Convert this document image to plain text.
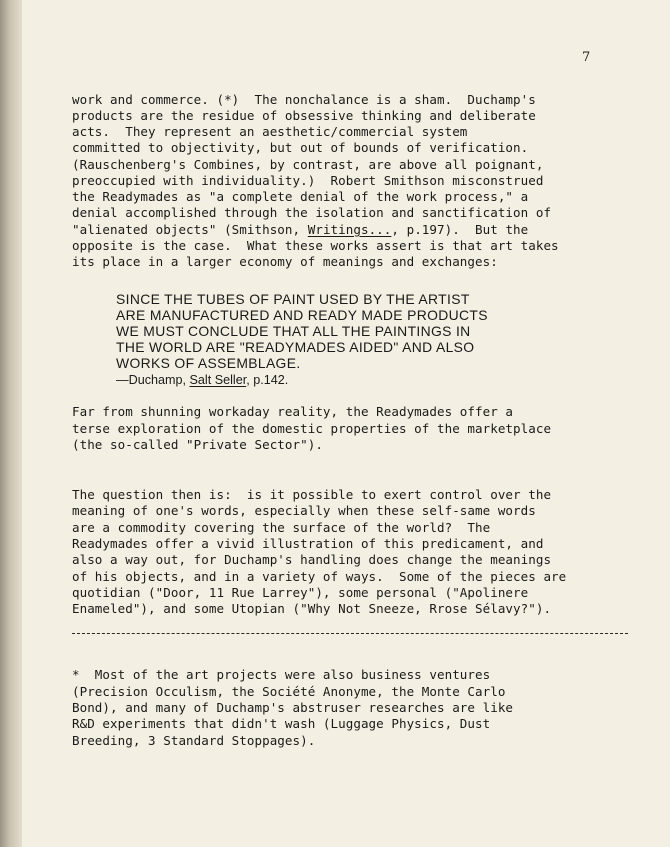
7
work and commerce. (*)  The nonchalance is a sham.  Duchamp's
products are the residue of obsessive thinking and deliberate
acts.  They represent an aesthetic/commercial system
committed to objectivity, but out of bounds of verification.
(Rauschenberg's Combines, by contrast, are above all poignant,
preoccupied with individuality.)  Robert Smithson misconstrued
the Readymades as "a complete denial of the work process," a
denial accomplished through the isolation and sanctification of
"alienated objects" (Smithson, Writings..., p.197).  But the
opposite is the case.  What these works assert is that art takes
its place in a larger economy of meanings and exchanges:
SINCE THE TUBES OF PAINT USED BY THE ARTIST
ARE MANUFACTURED AND READY MADE PRODUCTS
WE MUST CONCLUDE THAT ALL THE PAINTINGS IN
THE WORLD ARE "READYMADES AIDED" AND ALSO
WORKS OF ASSEMBLAGE.
—Duchamp, Salt Seller, p.142.
Far from shunning workaday reality, the Readymades offer a
terse exploration of the domestic properties of the marketplace
(the so-called "Private Sector").
The question then is:  is it possible to exert control over the
meaning of one's words, especially when these self-same words
are a commodity covering the surface of the world?  The
Readymades offer a vivid illustration of this predicament, and
also a way out, for Duchamp's handling does change the meanings
of his objects, and in a variety of ways.  Some of the pieces are
quotidian ("Door, 11 Rue Larrey"), some personal ("Apolinere
Enameled"), and some Utopian ("Why Not Sneeze, Rrose Sélavy?").
*  Most of the art projects were also business ventures
(Precision Occulism, the Société Anonyme, the Monte Carlo
Bond), and many of Duchamp's abstruser researches are like
R&D experiments that didn't wash (Luggage Physics, Dust
Breeding, 3 Standard Stoppages).
